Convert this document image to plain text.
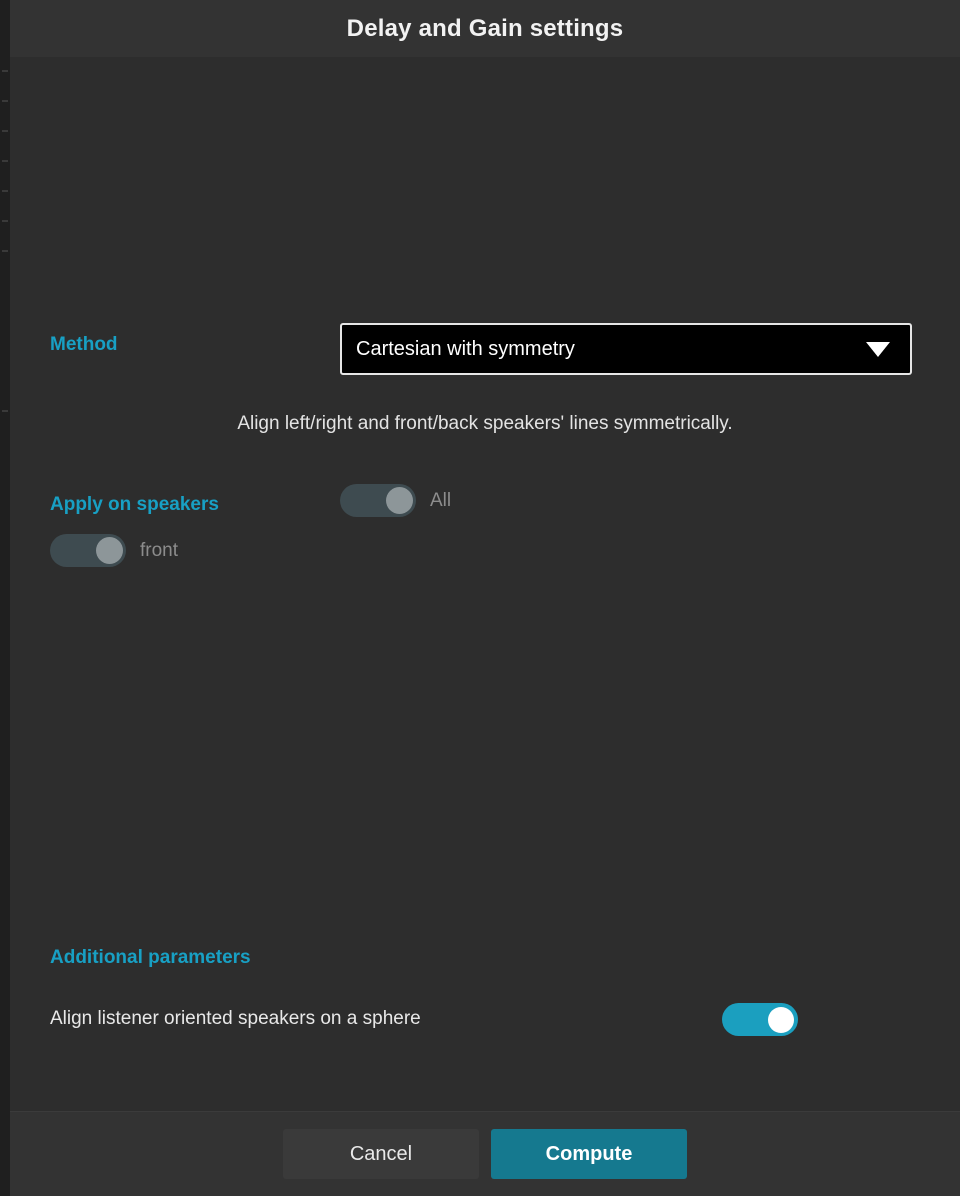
Delay and Gain settings
Method	Cartesian with symmetry
Align left/right and front/back speakers' lines symmetrically.
Apply on speakers	All
front
Additional parameters
Align listener oriented speakers on a sphere
Cancel	Compute
